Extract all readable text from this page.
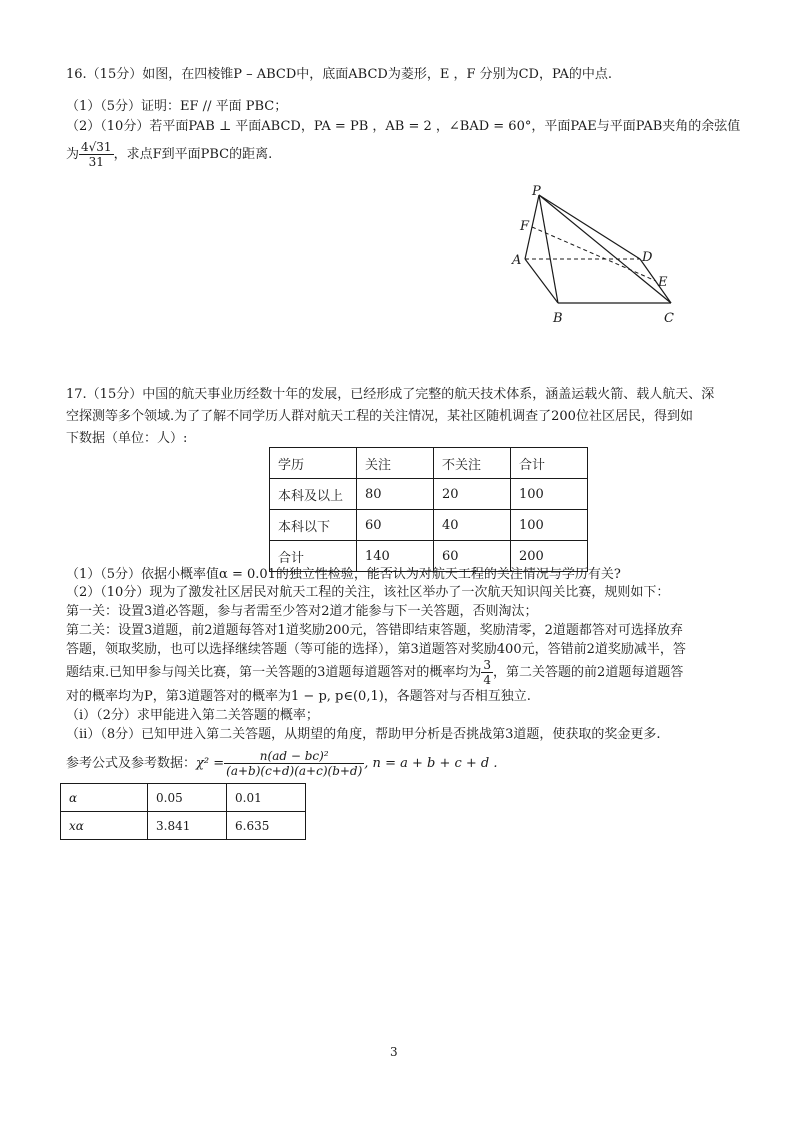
16.（15分）如图，在四棱锥P – ABCD中，底面ABCD为菱形，E ，F 分别为CD，PA的中点.
（1）（5分）证明：EF // 平面 PBC；
（2）（10分）若平面PAB ⊥ 平面ABCD，PA = PB ，AB = 2 ，∠BAD = 60°，平面PAE与平面PAB夹角的余弦值
为 $\frac{4√31}{31}$ ，求点F到平面PBC的距离.
P
F
A	D
E
B	C
17.（15分）中国的航天事业历经数十年的发展，已经形成了完整的航天技术体系，涵盖运载火箭、载人航天、深
空探测等多个领域.为了了解不同学历人群对航天工程的关注情况，某社区随机调查了200位社区居民，得到如
下数据（单位：人）:
学历	关注	不关注	合计
本科及以上	80	20	100
本科以下	60	40	100
合计	140	60	200
（1）（5分）依据小概率值α = 0.01的独立性检验，能否认为对航天工程的关注情况与学历有关?
（2）（10分）现为了激发社区居民对航天工程的关注，该社区举办了一次航天知识闯关比赛，规则如下：
第一关：设置3道必答题，参与者需至少答对2道才能参与下一关答题，否则淘汰；
第二关：设置3道题，前2道题每答对1道奖励200元，答错即结束答题，奖励清零，2道题都答对可选择放弃
答题，领取奖励，也可以选择继续答题（等可能的选择），第3道题答对奖励400元，答错前2道奖励减半，答
题结束.已知甲参与闯关比赛，第一关答题的3道题每道题答对的概率均为 $\frac{3}{4}$ ，第二关答题的前2道题每道题答
对的概率均为P，第3道题答对的概率为1 − p, p∈(0,1)，各题答对与否相互独立.
（i）（2分）求甲能进入第二关答题的概率；
（ii）（8分）已知甲进入第二关答题，从期望的角度，帮助甲分析是否挑战第3道题，使获取的奖金更多.
参考公式及参考数据：$\chi^2 = \frac{\text{n(ad − bc)²}}{(a+b)(c+d)(a+c)(b+d)}$ , n = a + b + c + d .
α	0.05	0.01
xα	3.841	6.635
3
